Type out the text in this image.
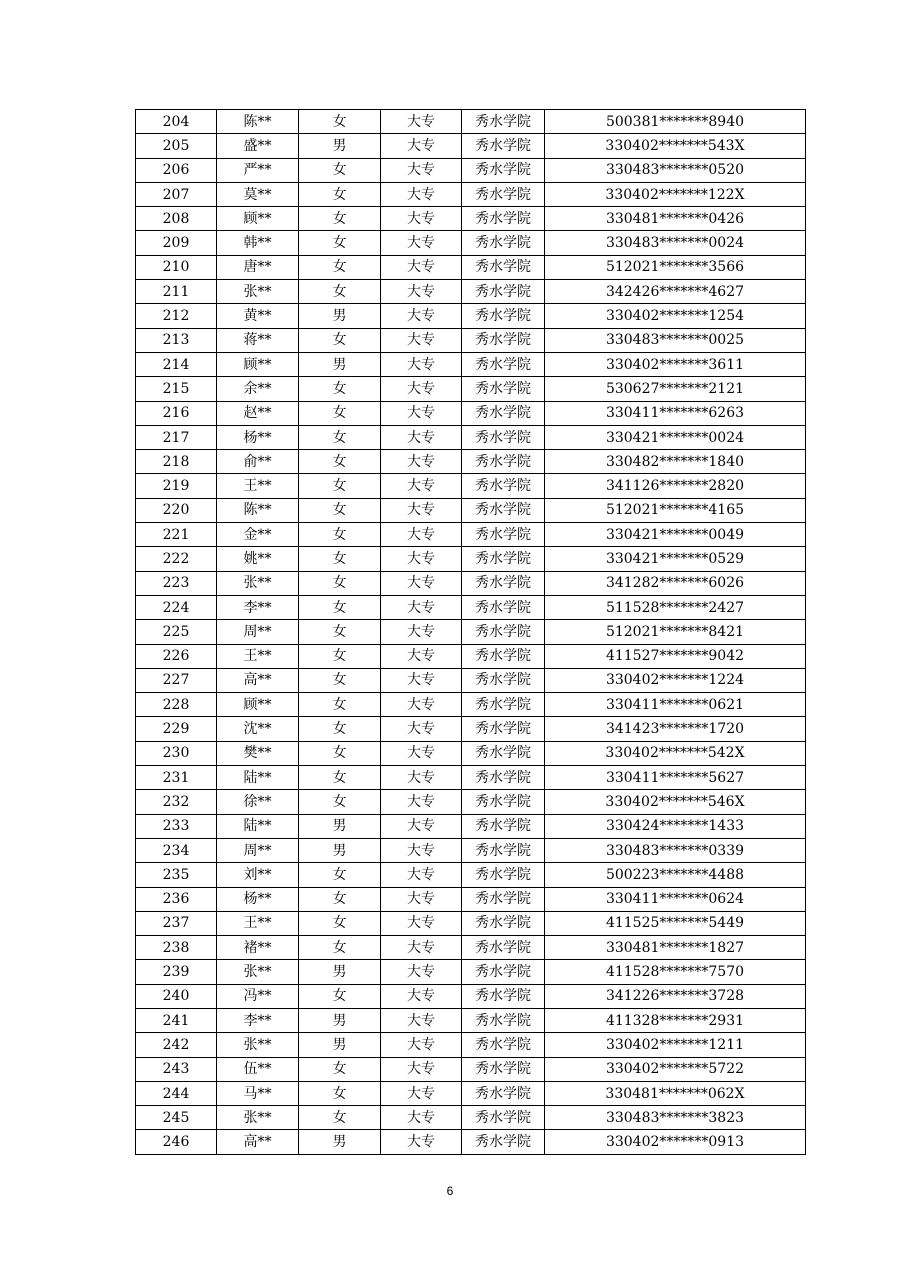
204	陈**	女	大专	秀水学院	500381*******8940
205	盛**	男	大专	秀水学院	330402*******543X
206	严**	女	大专	秀水学院	330483*******0520
207	莫**	女	大专	秀水学院	330402*******122X
208	顾**	女	大专	秀水学院	330481*******0426
209	韩**	女	大专	秀水学院	330483*******0024
210	唐**	女	大专	秀水学院	512021*******3566
211	张**	女	大专	秀水学院	342426*******4627
212	黄**	男	大专	秀水学院	330402*******1254
213	蒋**	女	大专	秀水学院	330483*******0025
214	顾**	男	大专	秀水学院	330402*******3611
215	余**	女	大专	秀水学院	530627*******2121
216	赵**	女	大专	秀水学院	330411*******6263
217	杨**	女	大专	秀水学院	330421*******0024
218	俞**	女	大专	秀水学院	330482*******1840
219	王**	女	大专	秀水学院	341126*******2820
220	陈**	女	大专	秀水学院	512021*******4165
221	金**	女	大专	秀水学院	330421*******0049
222	姚**	女	大专	秀水学院	330421*******0529
223	张**	女	大专	秀水学院	341282*******6026
224	李**	女	大专	秀水学院	511528*******2427
225	周**	女	大专	秀水学院	512021*******8421
226	王**	女	大专	秀水学院	411527*******9042
227	高**	女	大专	秀水学院	330402*******1224
228	顾**	女	大专	秀水学院	330411*******0621
229	沈**	女	大专	秀水学院	341423*******1720
230	樊**	女	大专	秀水学院	330402*******542X
231	陆**	女	大专	秀水学院	330411*******5627
232	徐**	女	大专	秀水学院	330402*******546X
233	陆**	男	大专	秀水学院	330424*******1433
234	周**	男	大专	秀水学院	330483*******0339
235	刘**	女	大专	秀水学院	500223*******4488
236	杨**	女	大专	秀水学院	330411*******0624
237	王**	女	大专	秀水学院	411525*******5449
238	褚**	女	大专	秀水学院	330481*******1827
239	张**	男	大专	秀水学院	411528*******7570
240	冯**	女	大专	秀水学院	341226*******3728
241	李**	男	大专	秀水学院	411328*******2931
242	张**	男	大专	秀水学院	330402*******1211
243	伍**	女	大专	秀水学院	330402*******5722
244	马**	女	大专	秀水学院	330481*******062X
245	张**	女	大专	秀水学院	330483*******3823
246	高**	男	大专	秀水学院	330402*******0913
6
